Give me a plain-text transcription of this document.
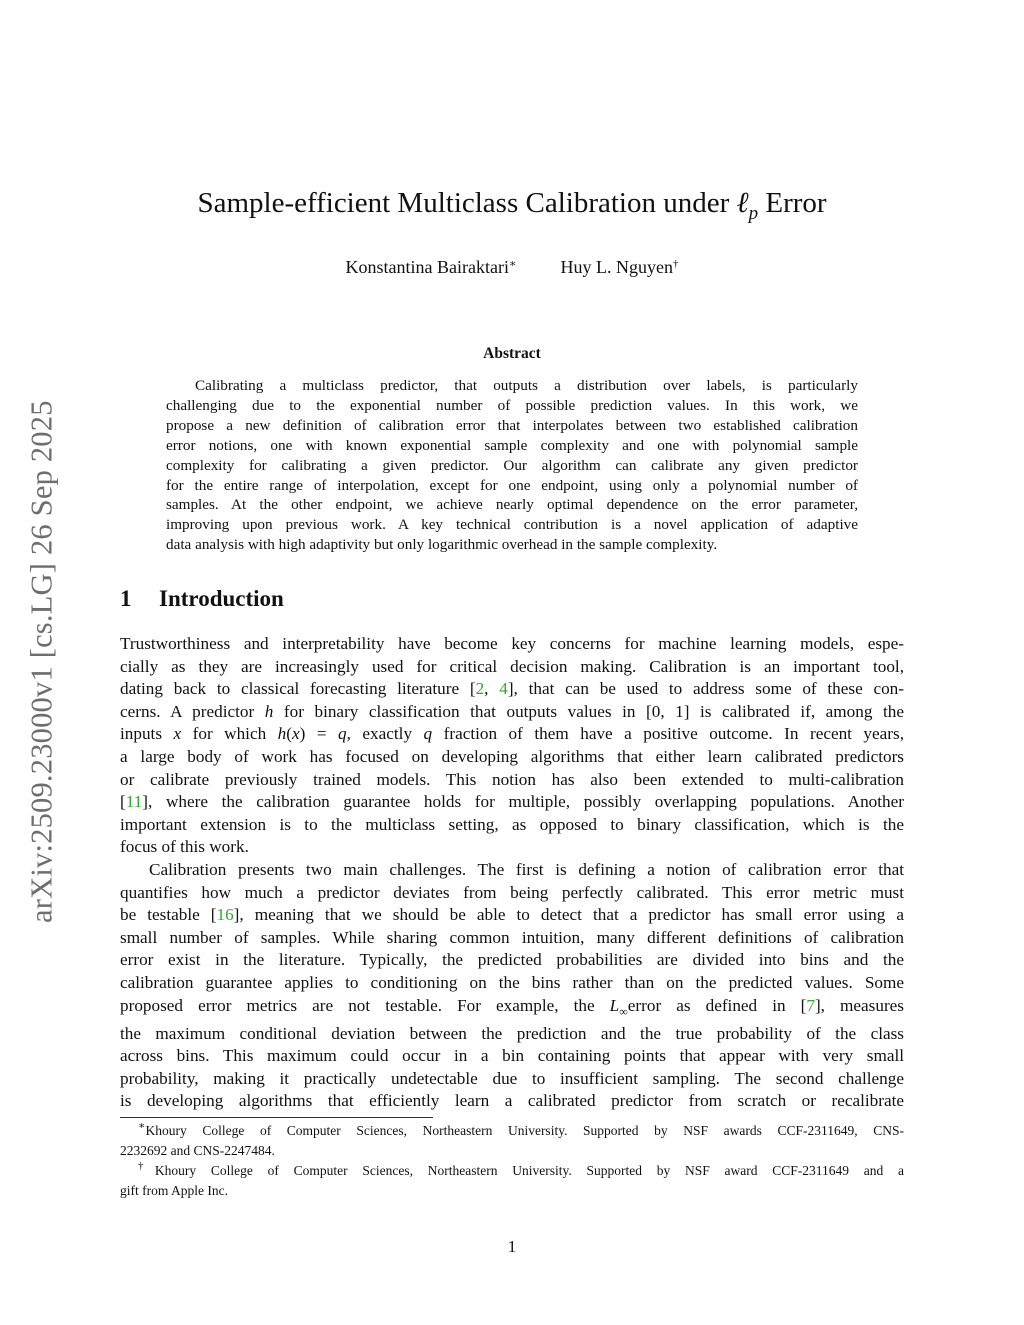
arXiv:2509.23000v1 [cs.LG] 26 Sep 2025
Sample-efficient Multiclass Calibration under ℓ$_p$ Error
Konstantina Bairaktari∗ Huy L. Nguyen†
Abstract
Calibrating a multiclass predictor, that outputs a distribution over labels, is particularly
challenging due to the exponential number of possible prediction values. In this work, we
propose a new definition of calibration error that interpolates between two established calibration
error notions, one with known exponential sample complexity and one with polynomial sample
complexity for calibrating a given predictor. Our algorithm can calibrate any given predictor
for the entire range of interpolation, except for one endpoint, using only a polynomial number of
samples. At the other endpoint, we achieve nearly optimal dependence on the error parameter,
improving upon previous work. A key technical contribution is a novel application of adaptive
data analysis with high adaptivity but only logarithmic overhead in the sample complexity.
1 Introduction
Trustworthiness and interpretability have become key concerns for machine learning models, espe-
cially as they are increasingly used for critical decision making. Calibration is an important tool,
dating back to classical forecasting literature [2, 4], that can be used to address some of these con-
cerns. A predictor h for binary classification that outputs values in [0, 1] is calibrated if, among the
inputs x for which h(x) = q, exactly q fraction of them have a positive outcome. In recent years,
a large body of work has focused on developing algorithms that either learn calibrated predictors
or calibrate previously trained models. This notion has also been extended to multi-calibration
[11], where the calibration guarantee holds for multiple, possibly overlapping populations. Another
important extension is to the multiclass setting, as opposed to binary classification, which is the
focus of this work.
Calibration presents two main challenges. The first is defining a notion of calibration error that
quantifies how much a predictor deviates from being perfectly calibrated. This error metric must
be testable [16], meaning that we should be able to detect that a predictor has small error using a
small number of samples. While sharing common intuition, many different definitions of calibration
error exist in the literature. Typically, the predicted probabilities are divided into bins and the
calibration guarantee applies to conditioning on the bins rather than on the predicted values. Some
proposed error metrics are not testable. For example, the $L_\infty error$ as defined in [7], measures
the maximum conditional deviation between the prediction and the true probability of the class
across bins. This maximum could occur in a bin containing points that appear with very small
probability, making it practically undetectable due to insufficient sampling. The second challenge
is developing algorithms that efficiently learn a calibrated predictor from scratch or recalibrate
∗Khoury College of Computer Sciences, Northeastern University. Supported by NSF awards CCF-2311649, CNS-
2232692 and CNS-2247484.
†Khoury College of Computer Sciences, Northeastern University. Supported by NSF award CCF-2311649 and a
gift from Apple Inc.
1
